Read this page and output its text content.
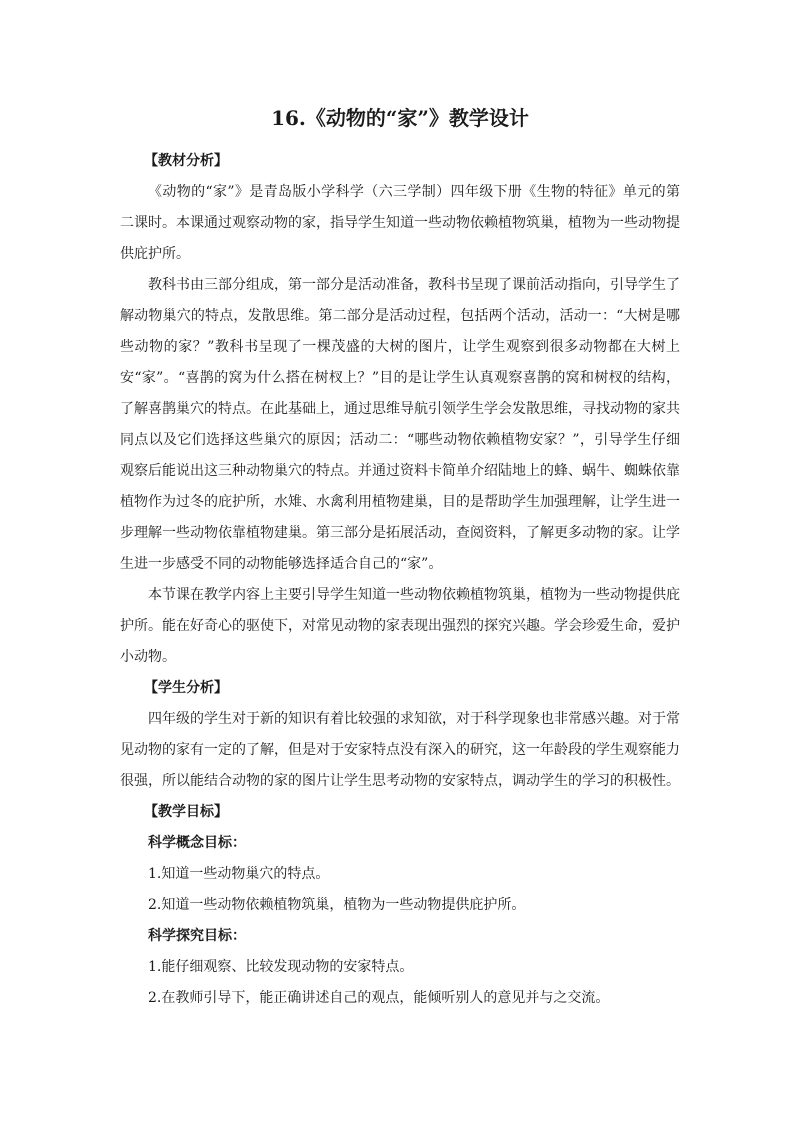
16.《动物的“家”》教学设计
【教材分析】

《动物的“家”》是青岛版小学科学（六三学制）四年级下册《生物的特征》单元的第二课时。本课通过观察动物的家，指导学生知道一些动物依赖植物筑巢，植物为一些动物提供庇护所。

教科书由三部分组成，第一部分是活动准备，教科书呈现了课前活动指向，引导学生了解动物巢穴的特点，发散思维。第二部分是活动过程，包括两个活动，活动一：“大树是哪些动物的家？”教科书呈现了一棵茂盛的大树的图片，让学生观察到很多动物都在大树上安“家”。“喜鹊的窝为什么搭在树杈上？”目的是让学生认真观察喜鹊的窝和树杈的结构，了解喜鹊巢穴的特点。在此基础上，通过思维导航引领学生学会发散思维，寻找动物的家共同点以及它们选择这些巢穴的原因；活动二：“哪些动物依赖植物安家？”，引导学生仔细观察后能说出这三种动物巢穴的特点。并通过资料卡简单介绍陆地上的蜂、蜗牛、蜘蛛依靠植物作为过冬的庇护所，水雉、水禽利用植物建巢，目的是帮助学生加强理解，让学生进一步理解一些动物依靠植物建巢。第三部分是拓展活动，查阅资料，了解更多动物的家。让学生进一步感受不同的动物能够选择适合自己的“家”。

本节课在教学内容上主要引导学生知道一些动物依赖植物筑巢，植物为一些动物提供庇护所。能在好奇心的驱使下，对常见动物的家表现出强烈的探究兴趣。学会珍爱生命，爱护小动物。

【学生分析】

四年级的学生对于新的知识有着比较强的求知欲，对于科学现象也非常感兴趣。对于常见动物的家有一定的了解，但是对于安家特点没有深入的研究，这一年龄段的学生观察能力很强，所以能结合动物的家的图片让学生思考动物的安家特点，调动学生的学习的积极性。

【教学目标】
科学概念目标：
1.知道一些动物巢穴的特点。
2.知道一些动物依赖植物筑巢，植物为一些动物提供庇护所。
科学探究目标：
1.能仔细观察、比较发现动物的安家特点。
2.在教师引导下，能正确讲述自己的观点，能倾听别人的意见并与之交流。
